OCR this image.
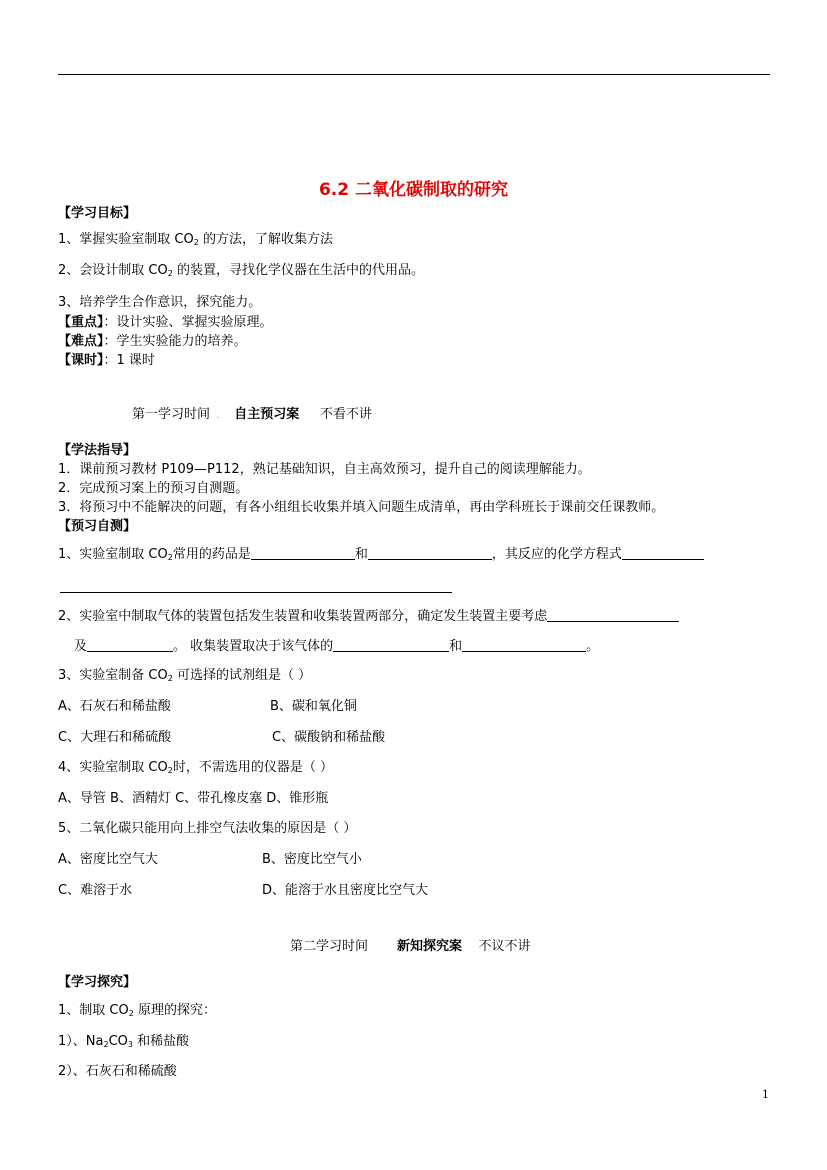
6.2 二氧化碳制取的研究
【学习目标】
1、掌握实验室制取 $CO_2$ 的方法，了解收集方法
2、会设计制取 $CO_2$ 的装置，寻找化学仪器在生活中的代用品。
3、培养学生合作意识，探究能力。
【重点】：设计实验、掌握实验原理。
【难点】：学生实验能力的培养。
【课时】：1 课时
第一学习时间  .    自主预习案 不看不讲
【学法指导】
1．课前预习教材 P109—P112，熟记基础知识，自主高效预习，提升自己的阅读理解能力。
2．完成预习案上的预习自测题。
3．将预习中不能解决的问题，有各小组组长收集并填入问题生成清单，再由学科班长于课前交任课教师。
【预习自测】
1、实验室制取 $CO_2$常用的药品是	和	，其反应的化学方程式
2、实验室中制取气体的装置包括发生装置和收集装置两部分，确定发生装置主要考虑
及	。 收集装置取决于该气体的	和	。
3、实验室制备 $CO_2$ 可选择的试剂组是（ ）
A、石灰石和稀盐酸	B、碳和氧化铜
C、大理石和稀硫酸	C、碳酸钠和稀盐酸
4、实验室制取 $CO_2$时，不需选用的仪器是（ ）
A、导管 B、酒精灯 C、带孔橡皮塞 D、锥形瓶
5、二氧化碳只能用向上排空气法收集的原因是（ ）
A、密度比空气大	B、密度比空气小
C、难溶于水	D、能溶于水且密度比空气大
第二学习时间 新知探究案 不议不讲
【学习探究】
1、制取 $CO_2$ 原理的探究：
1）、$Na_2CO_3$ 和稀盐酸
2）、石灰石和稀硫酸
1
